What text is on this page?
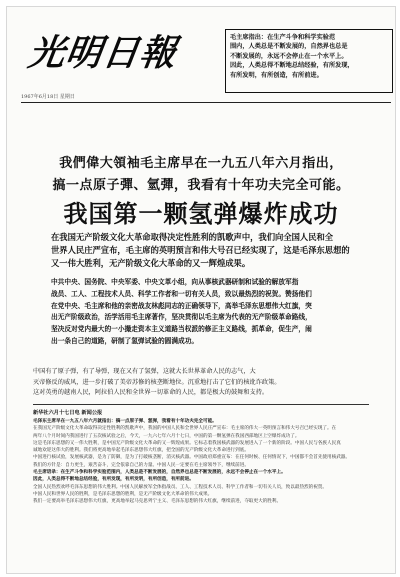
光明日報
1967年6月18日 星期日
毛主席指出：在生产斗争和科学实验范
围内，人类总是不断发展的，自然界也总是
不断发展的，永远不会停止在一个水平上。
因此，人类总得不断地总结经验，有所发现，
有所发明，有所创造，有所前进。
我們偉大領袖毛主席早在一九五八年六月指出，
搞一点原子彈、氫彈，我看有十年功夫完全可能。
我国第一颗氢弹爆炸成功
在我国无产阶级文化大革命取得决定性胜利的凯歌声中，我们向全国人民和全
世界人民庄严宣布，毛主席的英明预言和伟大号召已经实现了，这是毛泽东思想的
又一伟大胜利，无产阶级文化大革命的又一辉煌成果。
中共中央、国务院、中央军委、中央文革小组，向从事核武器研制和试验的解放军指
战员、工人、工程技术人员、科学工作者和一切有关人员，致以最热烈的祝贺。赞扬他们
在党中央、毛主席和他的亲密战友林彪同志的正确领导下，高举毛泽东思想伟大红旗，突
出无产阶级政治，活学活用毛主席著作，坚决贯彻以毛主席为代表的无产阶级革命路线，
坚决反对党内最大的一小撮走资本主义道路当权派的修正主义路线，抓革命，促生产，闹
出一条自己的道路，研制了氢弹试验的圆满成功。
中国有了原子弹，有了导弹，现在又有了氢弹，这就大长世界革命人民的志气，大
灭帝修反的威风，进一步打破了美帝苏修的核垄断地位。沉重地打击了它们的核讹诈政策。
这对英勇的越南人民，阿拉伯人民和全世界一切革命的人民，都是极大的鼓舞和支持。
新华社六月十七日电 新闻公报
毛泽东主席早在一九五八年六月就指出：搞一点原子弹、氢弹，我看有十年功夫完全可能。
在我国无产阶级文化大革命取得决定性胜利的凯歌声中，我国的中国人民和全世界人民庄严宣布：毛主席的伟大一英明预言和伟大号召已经实现了。在
两年八个月时间内我国进行了五次核试验之后，今天，一九六七年六月十七日，中国的第一颗氢弹在我国西部地区上空爆炸成功了。
这是毛泽东思想的又一伟大胜利，是中国无产阶级文化大革命的又一辉煌成果。它标志着我国核武器的发展进入了一个新的阶段。中国人民与各族人民真
诚地欢迎这伟大的胜利。我们将更高地举起毛泽东思想伟大红旗，把全国的无产阶级文化大革命进行到底。
中国进行核试验，发展核武器，是为了防御，是为了打破核垄断，消灭核武器。中国政府郑重宣布：在任何时候、任何情况下，中国都不会首先使用核武器。
我们的方针是：自力更生，艰苦奋斗，完全依靠自己的力量。中国人民一定要在毛主席领导下，继续前进。
毛主席语录：在生产斗争和科学实验范围内，人类总是不断发展的，自然界也总是不断发展的，永远不会停止在一个水平上。
因此，人类总得不断地总结经验，有所发现，有所发明，有所创造，有所前进。
全国人民热烈欢呼毛泽东思想的伟大胜利。中国人民解放军全体指战员、工人、工程技术人员、科学工作者和一切有关人员，致以最热烈的祝贺。
中国人民和世界人民的胜利，是毛泽东思想的胜利，是无产阶级文化大革命的伟大成果。
我们一定要高举毛泽东思想伟大红旗，更高地举起马克思列宁主义、毛泽东思想的伟大红旗，继续前进，夺取更大的胜利。
